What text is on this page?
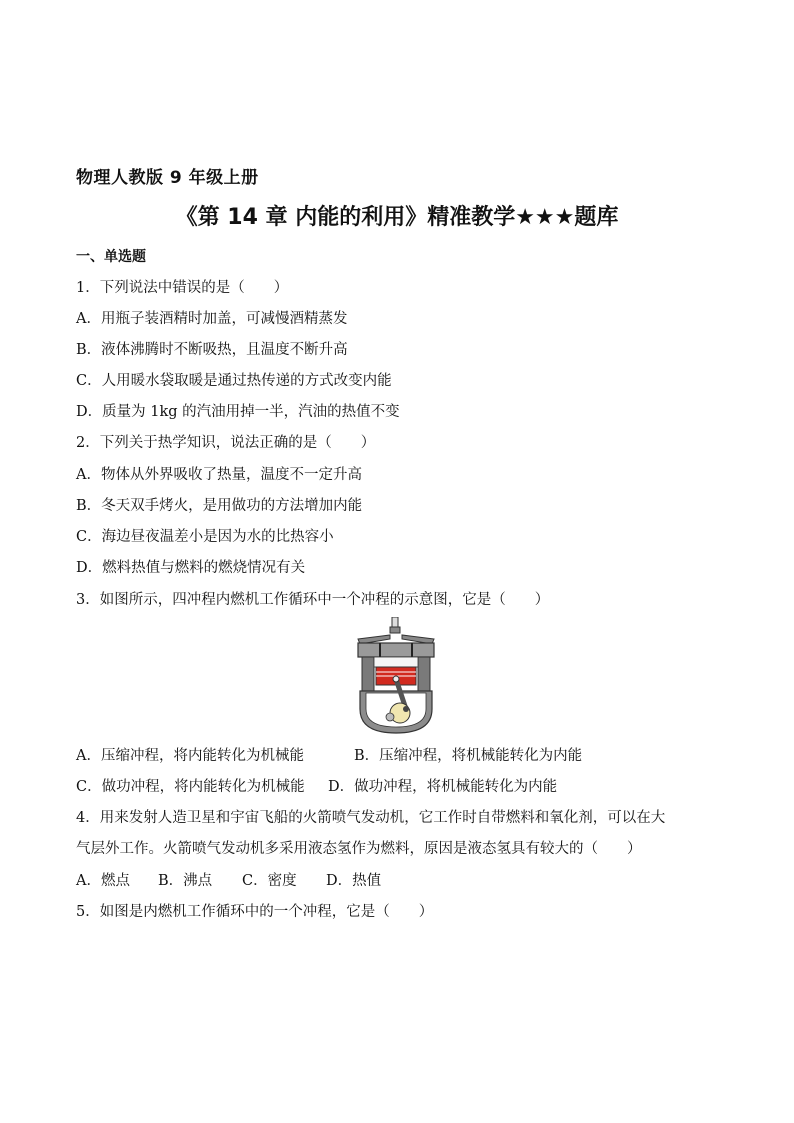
物理人教版 9 年级上册
《第 14 章 内能的利用》精准教学★★★题库
一、单选题
1．下列说法中错误的是（　　）
A．用瓶子装酒精时加盖，可减慢酒精蒸发
B．液体沸腾时不断吸热，且温度不断升高
C．人用暖水袋取暖是通过热传递的方式改变内能
D．质量为 1kg 的汽油用掉一半，汽油的热值不变
2．下列关于热学知识，说法正确的是（　　）
A．物体从外界吸收了热量，温度不一定升高
B．冬天双手烤火，是用做功的方法增加内能
C．海边昼夜温差小是因为水的比热容小
D．燃料热值与燃料的燃烧情况有关
3．如图所示，四冲程内燃机工作循环中一个冲程的示意图，它是（　　）
A．压缩冲程，将内能转化为机械能	B．压缩冲程，将机械能转化为内能
C．做功冲程，将内能转化为机械能 D．做功冲程，将机械能转化为内能
4．用来发射人造卫星和宇宙飞船的火箭喷气发动机，它工作时自带燃料和氧化剂，可以在大
气层外工作。火箭喷气发动机多采用液态氢作为燃料，原因是液态氢具有较大的（　　）
A．燃点 B．沸点 C．密度 D．热值
5．如图是内燃机工作循环中的一个冲程，它是（　　）
